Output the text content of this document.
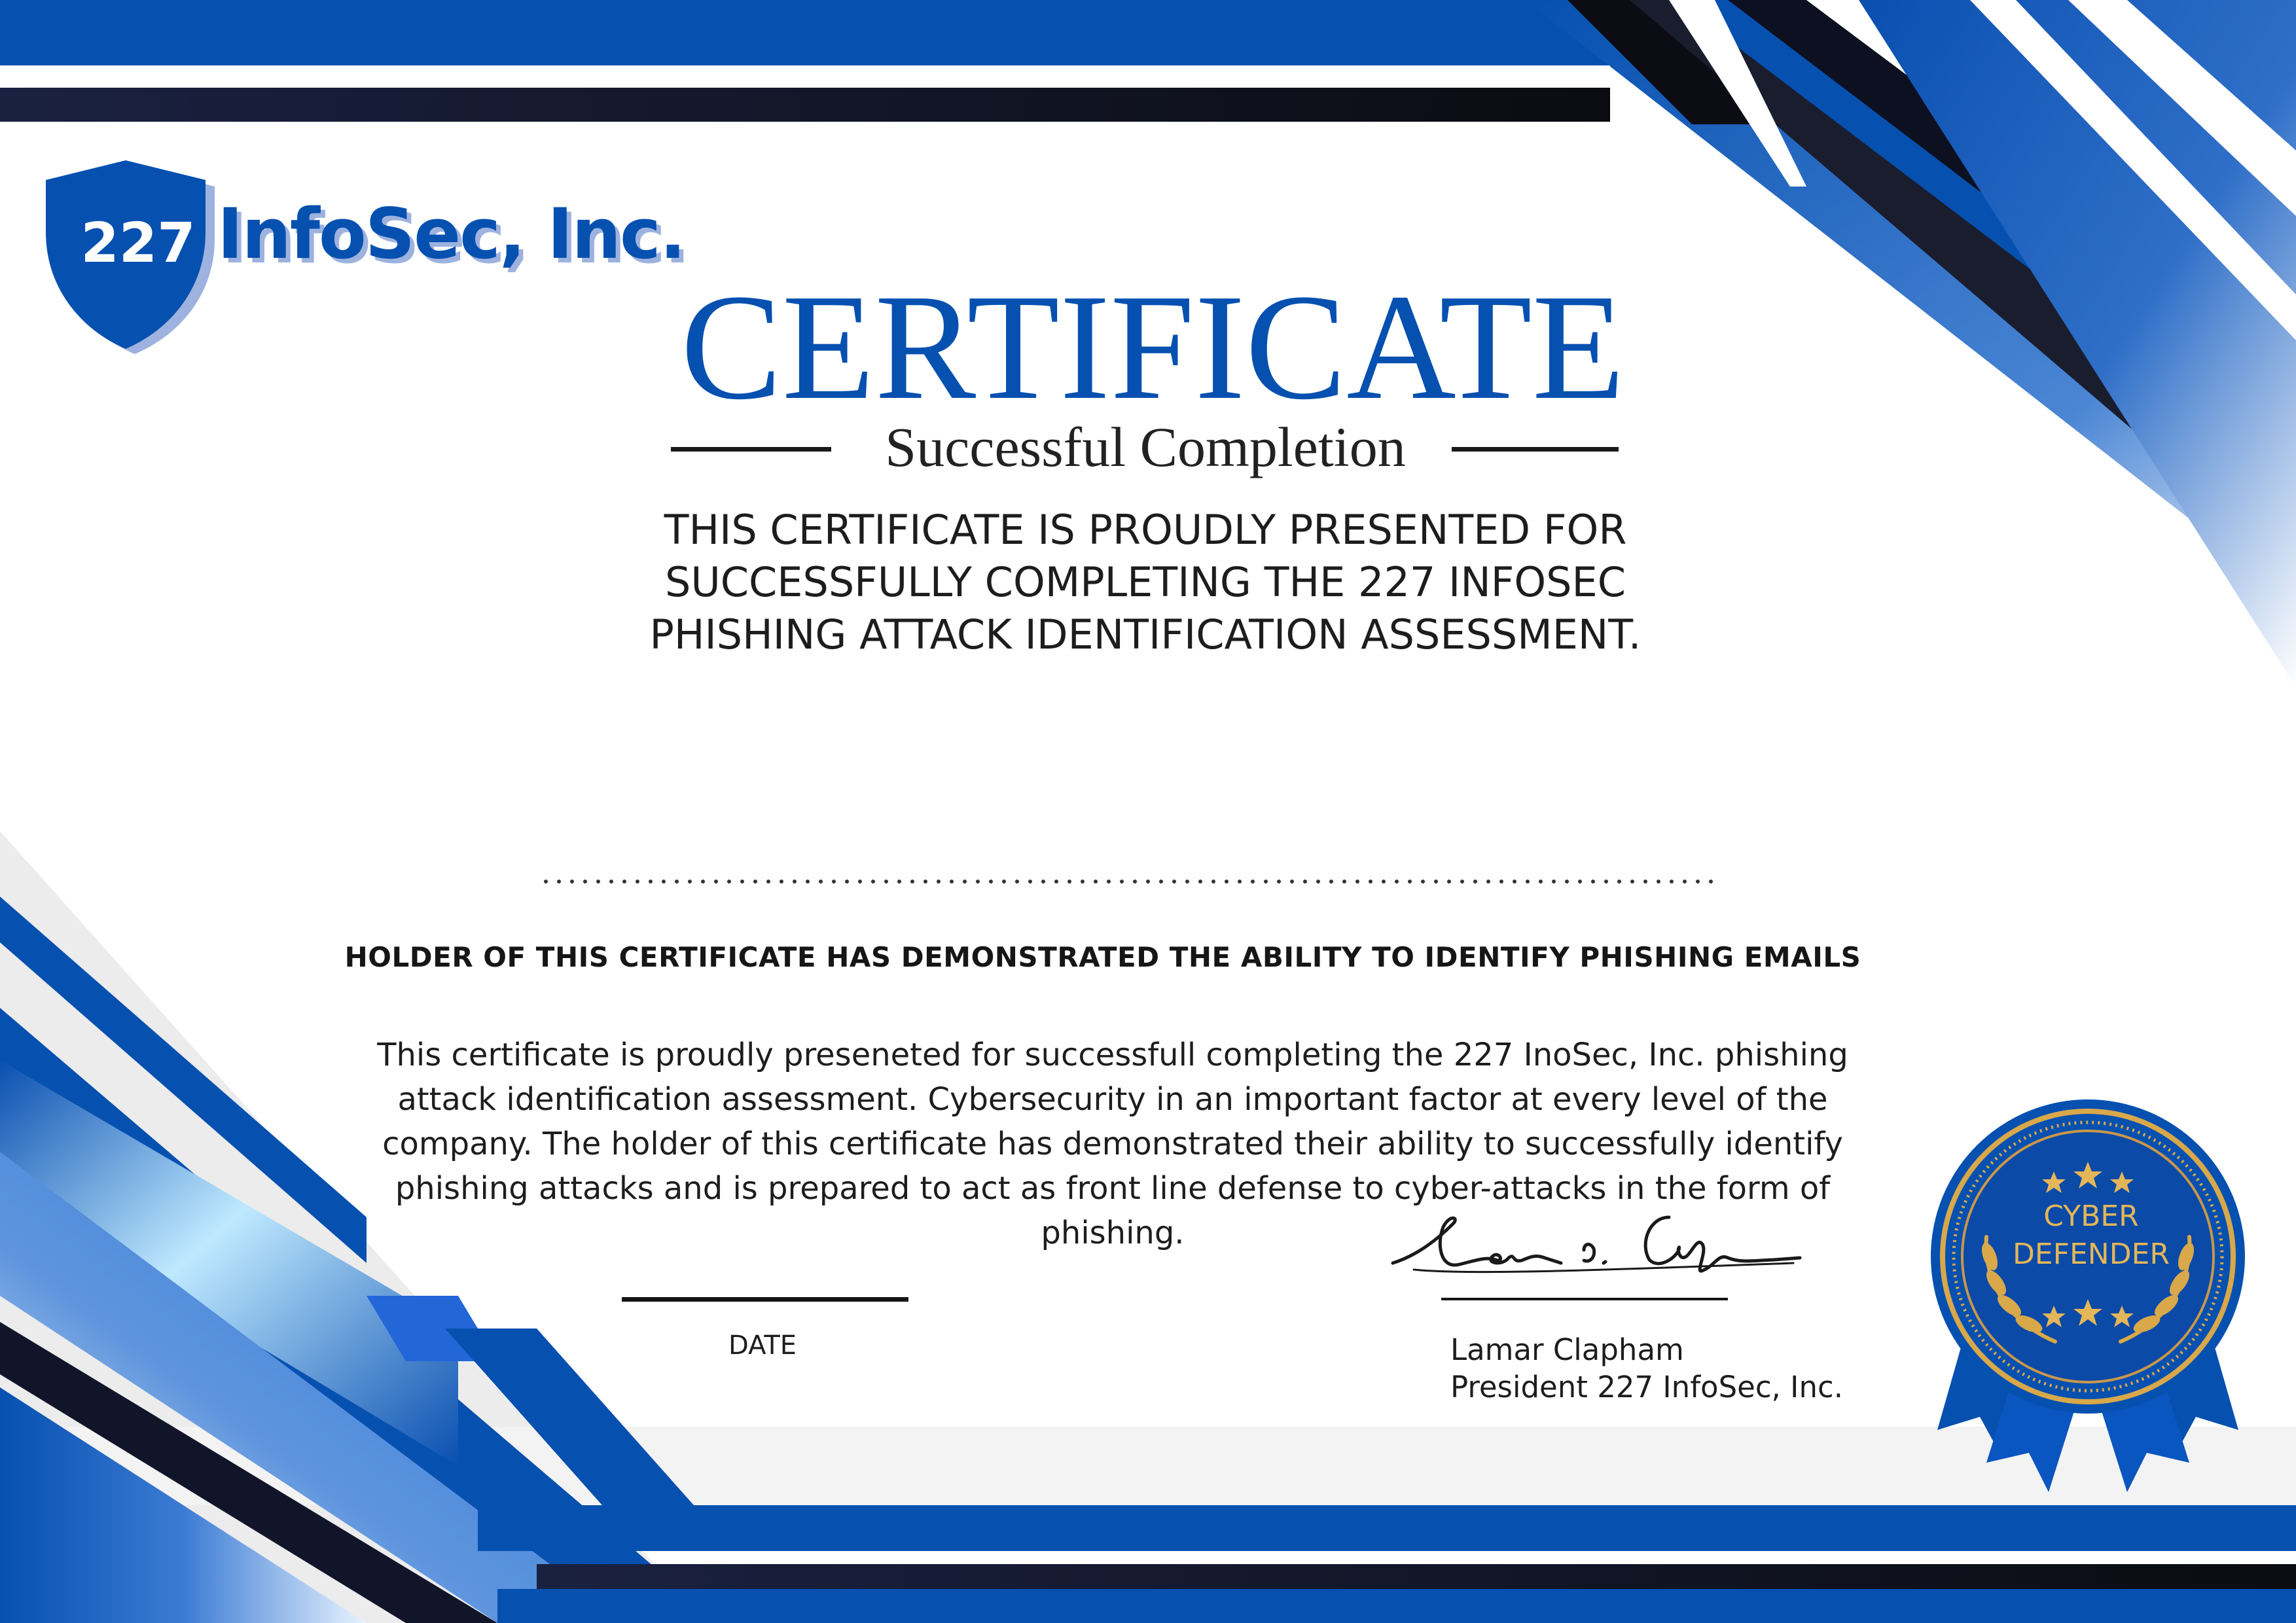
227 InfoSec, Inc.
CERTIFICATE
Successful Completion
THIS CERTIFICATE IS PROUDLY PRESENTED FOR SUCCESSFULLY COMPLETING THE 227 INFOSEC PHISHING ATTACK IDENTIFICATION ASSESSMENT.
HOLDER OF THIS CERTIFICATE HAS DEMONSTRATED THE ABILITY TO IDENTIFY PHISHING EMAILS
This certificate is proudly preseneted for successfull completing the 227 InoSec, Inc. phishing attack identification assessment. Cybersecurity in an important factor at every level of the company. The holder of this certificate has demonstrated their ability to successfully identify phishing attacks and is prepared to act as front line defense to cyber-attacks in the form of phishing.
DATE	Lamar Clapham
President 227 InfoSec, Inc.
CYBER
DEFENDER
